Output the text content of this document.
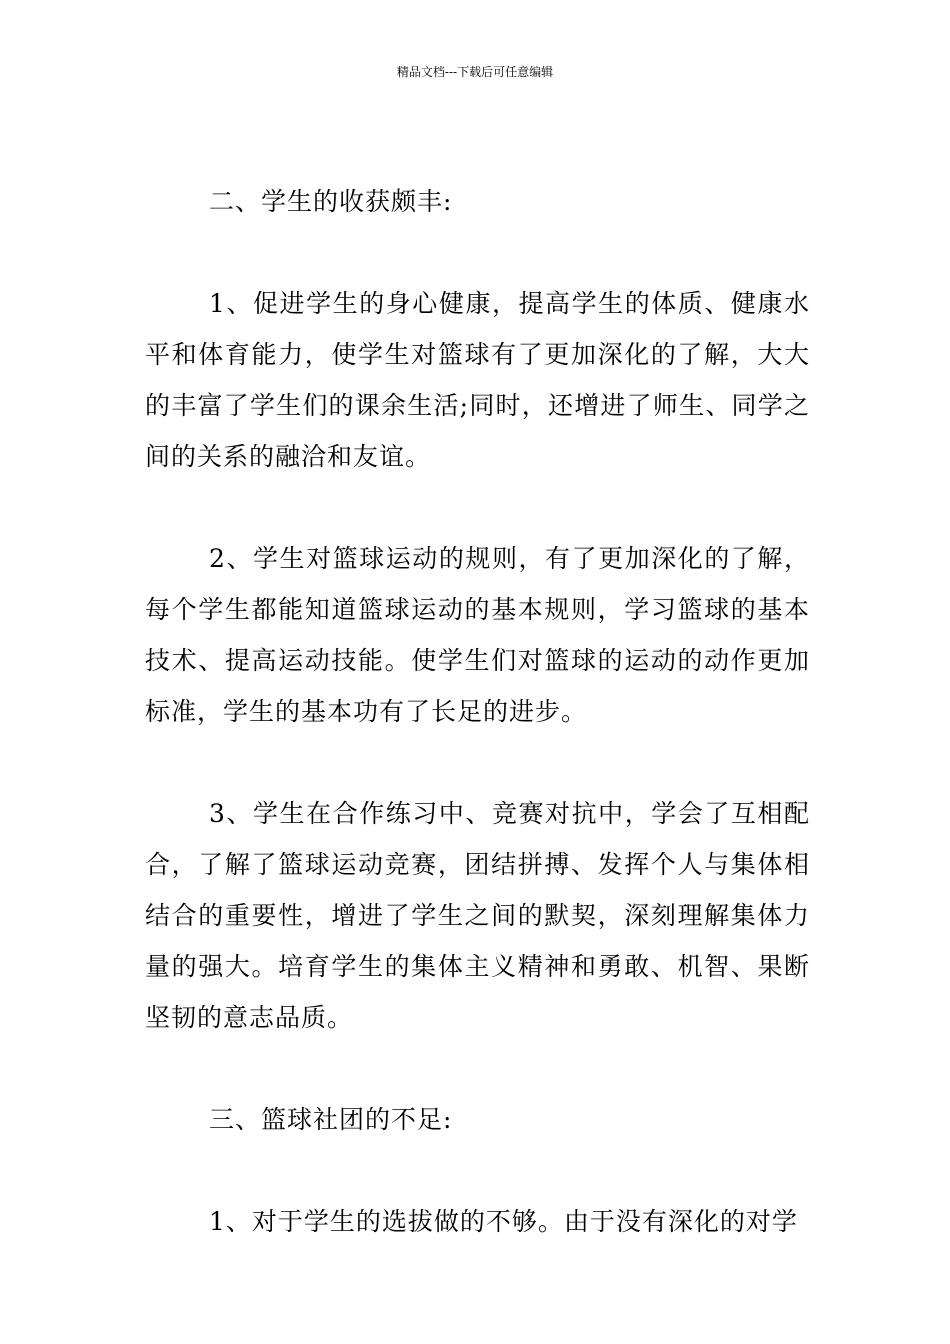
精品文档---下载后可任意编辑

二、学生的收获颇丰:

1、促进学生的身心健康，提高学生的体质、健康水平和体育能力，使学生对篮球有了更加深化的了解，大大的丰富了学生们的课余生活;同时，还增进了师生、同学之间的关系的融洽和友谊。

2、学生对篮球运动的规则，有了更加深化的了解，每个学生都能知道篮球运动的基本规则，学习篮球的基本技术、提高运动技能。使学生们对篮球的运动的动作更加标准，学生的基本功有了长足的进步。

3、学生在合作练习中、竞赛对抗中，学会了互相配合，了解了篮球运动竞赛，团结拼搏、发挥个人与集体相结合的重要性，增进了学生之间的默契，深刻理解集体力量的强大。培育学生的集体主义精神和勇敢、机智、果断坚韧的意志品质。

三、篮球社团的不足:

1、对于学生的选拔做的不够。由于没有深化的对学
